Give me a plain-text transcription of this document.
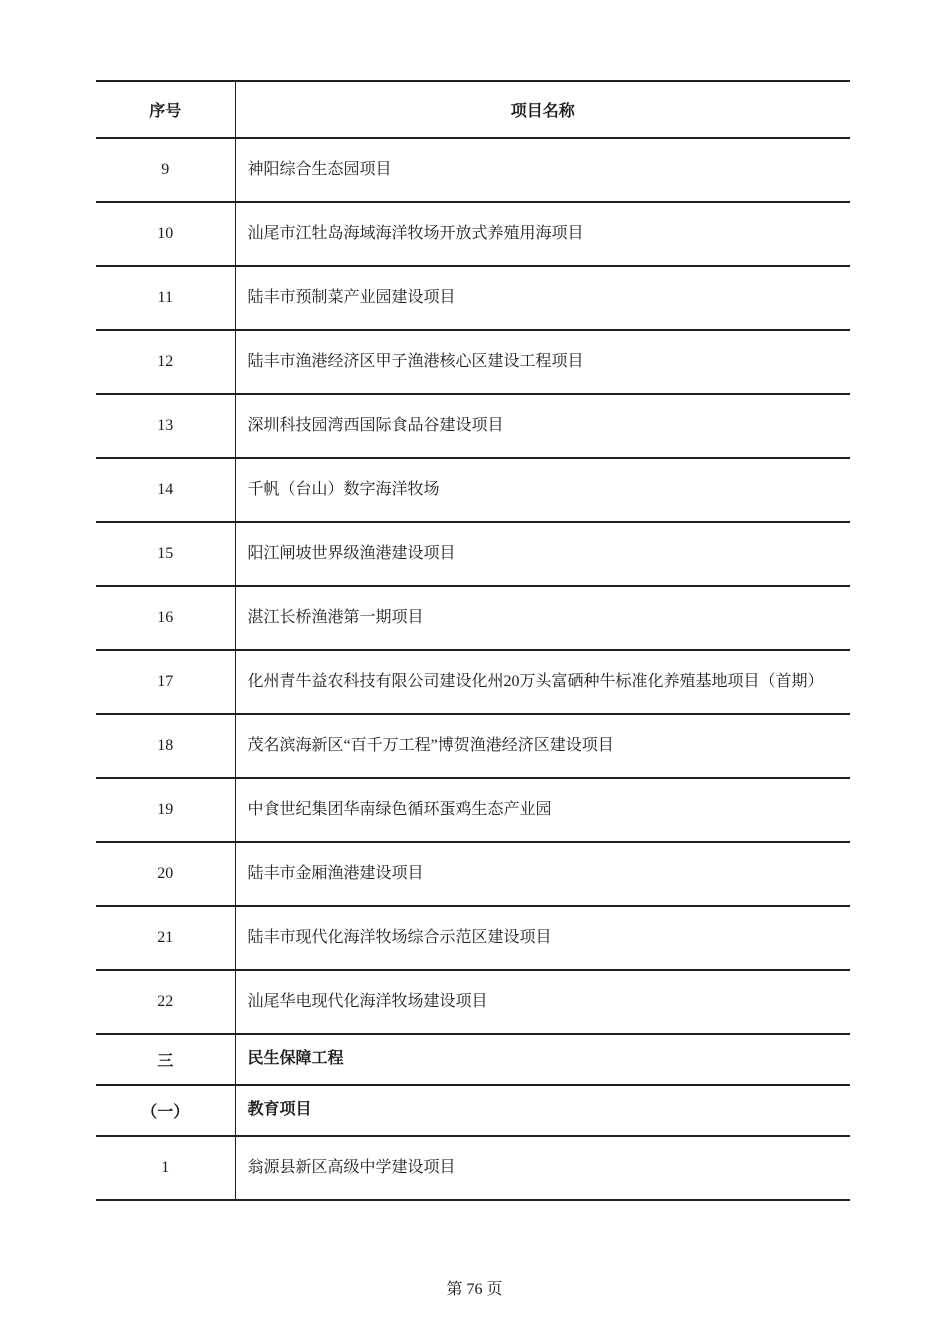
序号	项目名称
9	神阳综合生态园项目
10	汕尾市江牡岛海域海洋牧场开放式养殖用海项目
11	陆丰市预制菜产业园建设项目
12	陆丰市渔港经济区甲子渔港核心区建设工程项目
13	深圳科技园湾西国际食品谷建设项目
14	千帆（台山）数字海洋牧场
15	阳江闸坡世界级渔港建设项目
16	湛江长桥渔港第一期项目
17	化州青牛益农科技有限公司建设化州20万头富硒种牛标准化养殖基地项目（首期）
18	茂名滨海新区“百千万工程”博贺渔港经济区建设项目
19	中食世纪集团华南绿色循环蛋鸡生态产业园
20	陆丰市金厢渔港建设项目
21	陆丰市现代化海洋牧场综合示范区建设项目
22	汕尾华电现代化海洋牧场建设项目
三	民生保障工程
（一）	教育项目
1	翁源县新区高级中学建设项目
第 76 页
